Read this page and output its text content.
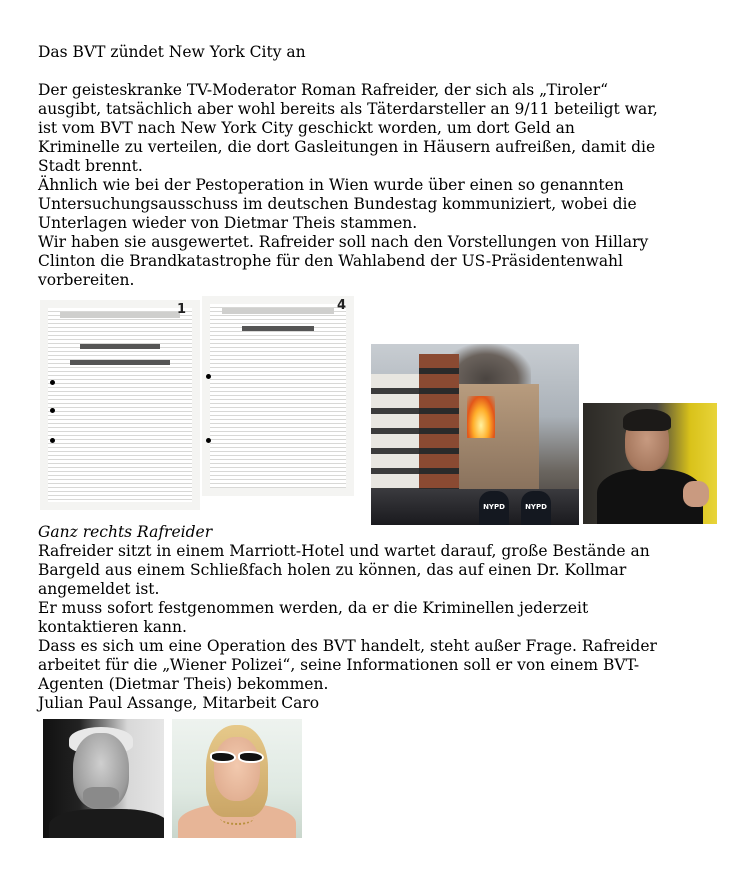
Das BVT zündet New York City an
Der geisteskranke TV-Moderator Roman Rafreider, der sich als „Tiroler“
ausgibt, tatsächlich aber wohl bereits als Täterdarsteller an 9/11 beteiligt war,
ist vom BVT nach New York City geschickt worden, um dort Geld an
Kriminelle zu verteilen, die dort Gasleitungen in Häusern aufreißen, damit die
Stadt brennt.
Ähnlich wie bei der Pestoperation in Wien wurde über einen so genannten
Untersuchungsausschuss im deutschen Bundestag kommuniziert, wobei die
Unterlagen wieder von Dietmar Theis stammen.
Wir haben sie ausgewertet. Rafreider soll nach den Vorstellungen von Hillary
Clinton die Brandkatastrophe für den Wahlabend der US-Präsidentenwahl
vorbereiten.
1	4
NYPD	NYPD
Ganz rechts Rafreider
Rafreider sitzt in einem Marriott-Hotel und wartet darauf, große Bestände an
Bargeld aus einem Schließfach holen zu können, das auf einen Dr. Kollmar
angemeldet ist.
Er muss sofort festgenommen werden, da er die Kriminellen jederzeit
kontaktieren kann.
Dass es sich um eine Operation des BVT handelt, steht außer Frage. Rafreider
arbeitet für die „Wiener Polizei“, seine Informationen soll er von einem BVT-
Agenten (Dietmar Theis) bekommen.
Julian Paul Assange, Mitarbeit Caro
